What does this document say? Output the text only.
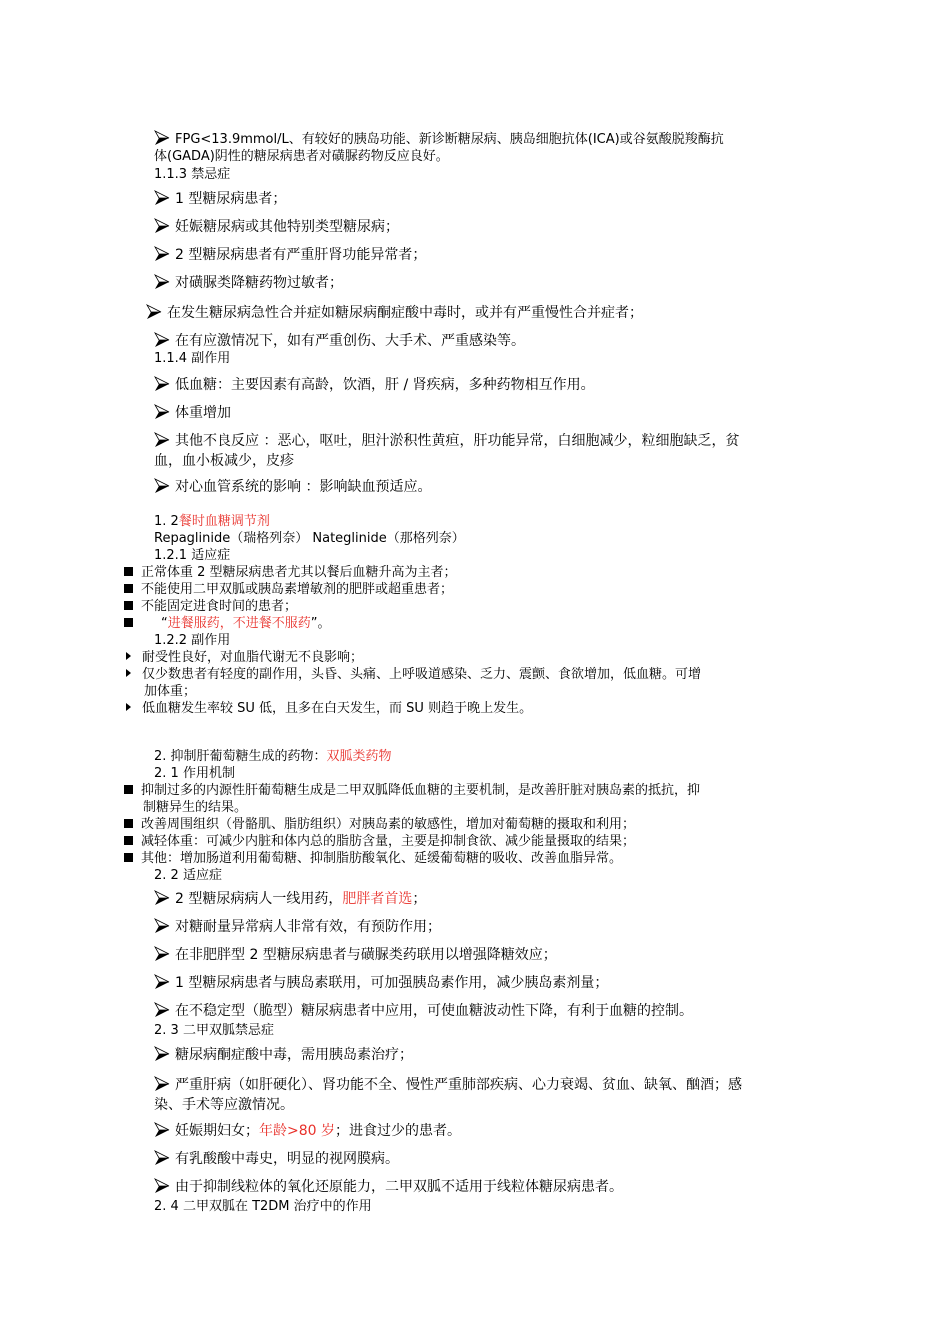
FPG<13.9mmol/L、有较好的胰岛功能、新诊断糖尿病、胰岛细胞抗体(ICA)或谷氨酸脱羧酶抗
体(GADA)阴性的糖尿病患者对磺脲药物反应良好。
1.1.3 禁忌症
1 型糖尿病患者；
妊娠糖尿病或其他特别类型糖尿病；
2 型糖尿病患者有严重肝肾功能异常者；
对磺脲类降糖药物过敏者；
在发生糖尿病急性合并症如糖尿病酮症酸中毒时，或并有严重慢性合并症者；
在有应激情况下，如有严重创伤、大手术、严重感染等。
1.1.4 副作用
低血糖：主要因素有高龄，饮酒，肝 / 肾疾病，多种药物相互作用。
体重增加
其他不良反应 ：恶心，呕吐，胆汁淤积性黄疸，肝功能异常，白细胞减少，粒细胞缺乏，贫
血，血小板减少，皮疹
对心血管系统的影响 ：影响缺血预适应。
1. 2餐时血糖调节剂
Repaglinide（瑞格列奈） Nateglinide（那格列奈）
1.2.1 适应症
正常体重 2 型糖尿病患者尤其以餐后血糖升高为主者；
不能使用二甲双胍或胰岛素增敏剂的肥胖或超重患者；
不能固定进食时间的患者；
“进餐服药，不进餐不服药”。
1.2.2 副作用
耐受性良好，对血脂代谢无不良影响；
仅少数患者有轻度的副作用，头昏、头痛、上呼吸道感染、乏力、震颤、食欲增加，低血糖。可增
加体重；
低血糖发生率较 SU 低，且多在白天发生，而 SU 则趋于晚上发生。
2. 抑制肝葡萄糖生成的药物：双胍类药物
2. 1 作用机制
抑制过多的内源性肝葡萄糖生成是二甲双胍降低血糖的主要机制，是改善肝脏对胰岛素的抵抗，抑
制糖异生的结果。
改善周围组织（骨骼肌、脂肪组织）对胰岛素的敏感性，增加对葡萄糖的摄取和利用；
减轻体重：可减少内脏和体内总的脂肪含量，主要是抑制食欲、减少能量摄取的结果；
其他：增加肠道利用葡萄糖、抑制脂肪酸氧化、延缓葡萄糖的吸收、改善血脂异常。
2. 2 适应症
2 型糖尿病病人一线用药，肥胖者首选；
对糖耐量异常病人非常有效，有预防作用；
在非肥胖型 2 型糖尿病患者与磺脲类药联用以增强降糖效应；
1 型糖尿病患者与胰岛素联用，可加强胰岛素作用，减少胰岛素剂量；
在不稳定型（脆型）糖尿病患者中应用，可使血糖波动性下降，有利于血糖的控制。
2. 3 二甲双胍禁忌症
糖尿病酮症酸中毒，需用胰岛素治疗；
严重肝病（如肝硬化）、肾功能不全、慢性严重肺部疾病、心力衰竭、贫血、缺氧、酗酒；感
染、手术等应激情况。
妊娠期妇女；年龄>80 岁；进食过少的患者。
有乳酸酸中毒史，明显的视网膜病。
由于抑制线粒体的氧化还原能力，二甲双胍不适用于线粒体糖尿病患者。
2. 4 二甲双胍在 T2DM 治疗中的作用
